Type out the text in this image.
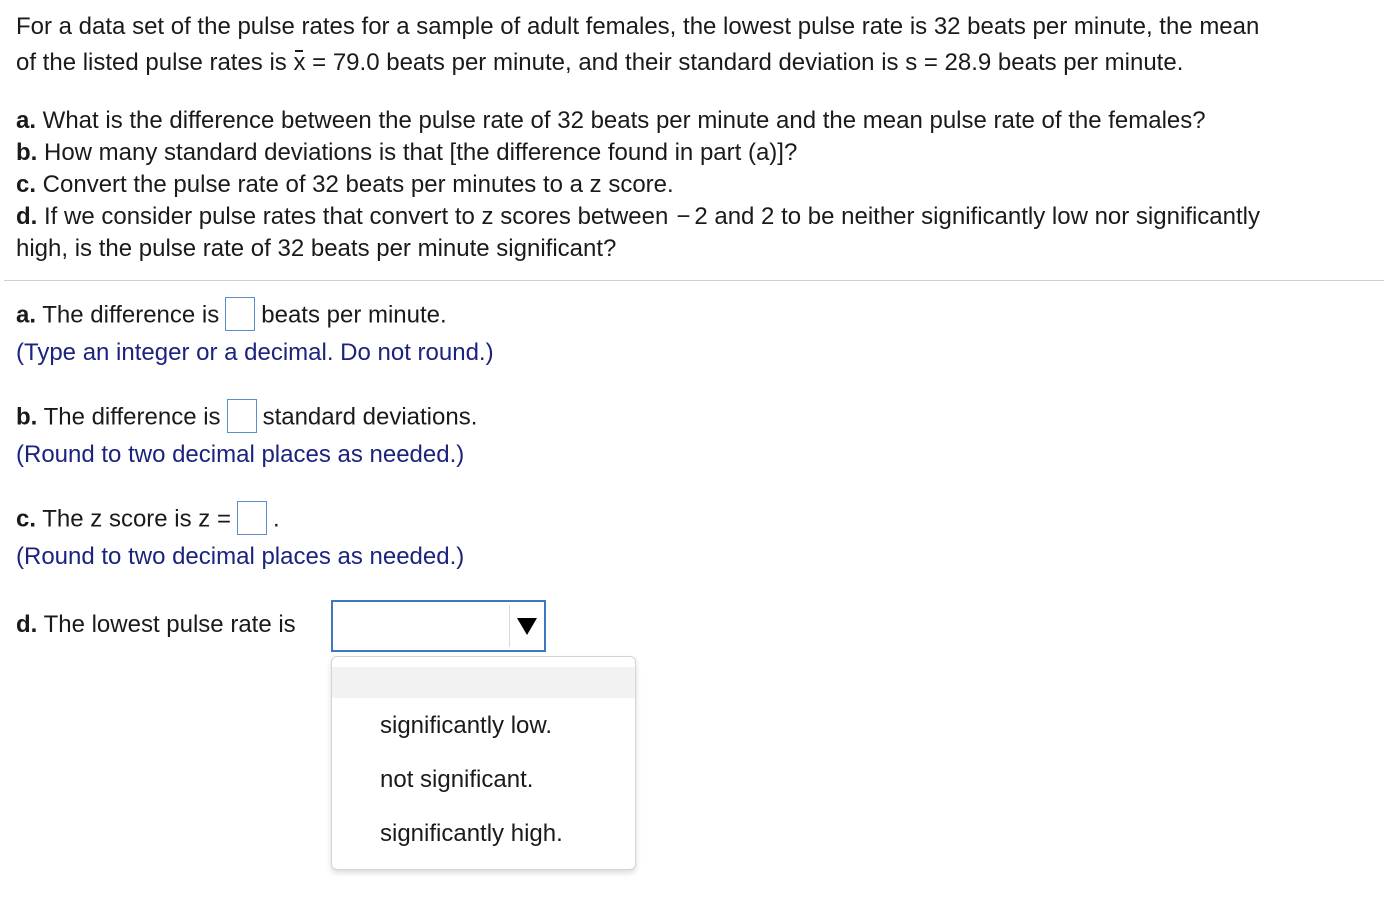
For a data set of the pulse rates for a sample of adult females, the lowest pulse rate is 32 beats per minute, the mean
of the listed pulse rates is x = 79.0 beats per minute, and their standard deviation is s = 28.9 beats per minute.
a. What is the difference between the pulse rate of 32 beats per minute and the mean pulse rate of the females?
b. How many standard deviations is that [the difference found in part (a)]?
c. Convert the pulse rate of 32 beats per minutes to a z score.
d. If we consider pulse rates that convert to z scores between − 2 and 2 to be neither significantly low nor significantly
high, is the pulse rate of 32 beats per minute significant?
a. The difference is beats per minute.
(Type an integer or a decimal. Do not round.)
b. The difference is standard deviations.
(Round to two decimal places as needed.)
c. The z score is z = .
(Round to two decimal places as needed.)
d. The lowest pulse rate is
significantly low.
not significant.
significantly high.
